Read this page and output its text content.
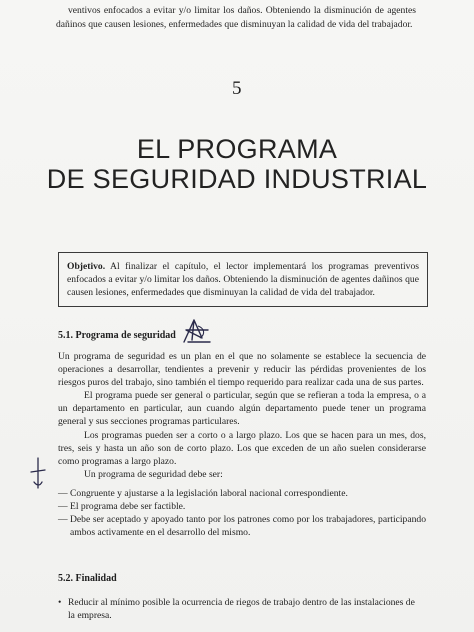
ventivos enfocados a evitar y/o limitar los daños. Obteniendo la disminución de agentes dañinos que causen lesiones, enfermedades que disminuyan la calidad de vida del trabajador.
5
EL PROGRAMA
DE SEGURIDAD INDUSTRIAL
Objetivo. Al finalizar el capítulo, el lector implementará los programas preventivos enfocados a evitar y/o limitar los daños. Obteniendo la disminución de agentes dañinos que causen lesiones, enfermedades que disminuyan la calidad de vida del trabajador.
5.1. Programa de seguridad

Un programa de seguridad es un plan en el que no solamente se establece la secuencia de operaciones a desarrollar, tendientes a prevenir y reducir las pérdidas provenientes de los riesgos puros del trabajo, sino también el tiempo requerido para realizar cada una de sus partes.

El programa puede ser general o particular, según que se refieran a toda la empresa, o a un departamento en particular, aun cuando algún departamento puede tener un programa general y sus secciones programas particulares.

Los programas pueden ser a corto o a largo plazo. Los que se hacen para un mes, dos, tres, seis y hasta un año son de corto plazo. Los que exceden de un año suelen considerarse como programas a largo plazo.

Un programa de seguridad debe ser:

— Congruente y ajustarse a la legislación laboral nacional correspondiente.
— El programa debe ser factible.
— Debe ser aceptado y apoyado tanto por los patrones como por los trabajadores, participando ambos activamente en el desarrollo del mismo.
5.2. Finalidad
• Reducir al mínimo posible la ocurrencia de riegos de trabajo dentro de las instalaciones de la empresa.
